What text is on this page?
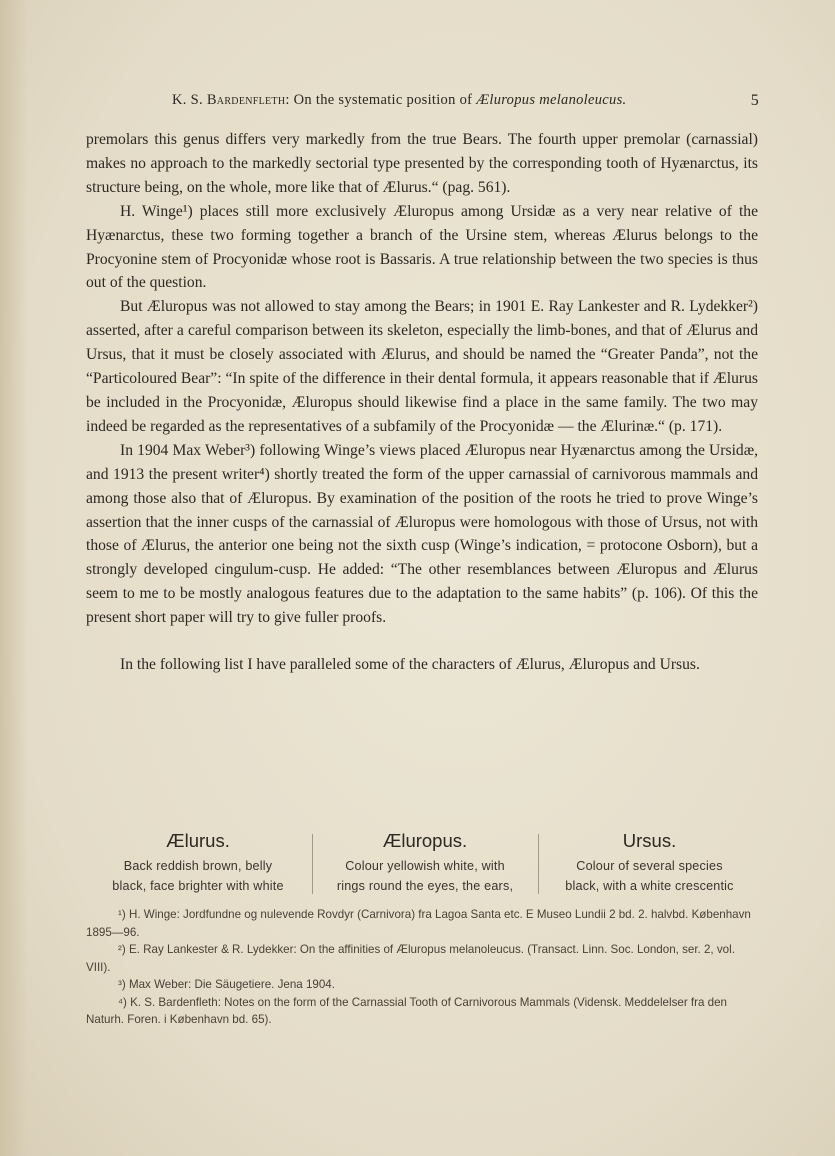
K. S. Bardenfleth: On the systematic position of Æluropus melanoleucus.	5

premolars this genus differs very markedly from the true Bears. The fourth upper premolar (carnassial) makes no approach to the markedly sectorial type presented by the corresponding tooth of Hyænarctus, its structure being, on the whole, more like that of Ælurus.“ (pag. 561).

H. Winge¹) places still more exclusively Æluropus among Ursidæ as a very near relative of the Hyænarctus, these two forming together a branch of the Ursine stem, whereas Ælurus belongs to the Procyonine stem of Procyonidæ whose root is Bassaris. A true relationship between the two species is thus out of the question.

But Æluropus was not allowed to stay among the Bears; in 1901 E. Ray Lankester and R. Lydekker²) asserted, after a careful comparison between its skeleton, especially the limb-bones, and that of Ælurus and Ursus, that it must be closely associated with Ælurus, and should be named the “Greater Panda”, not the “Particoloured Bear”: “In spite of the difference in their dental formula, it appears reasonable that if Ælurus be included in the Procyonidæ, Æluropus should likewise find a place in the same family. The two may indeed be regarded as the representatives of a subfamily of the Procyonidæ — the Ælurinæ.“ (p. 171).

In 1904 Max Weber³) following Winge’s views placed Æluropus near Hyænarctus among the Ursidæ, and 1913 the present writer⁴) shortly treated the form of the upper carnassial of carnivorous mammals and among those also that of Æluropus. By examination of the position of the roots he tried to prove Winge’s assertion that the inner cusps of the carnassial of Æluropus were homologous with those of Ursus, not with those of Ælurus, the anterior one being not the sixth cusp (Winge’s indication, = protocone Osborn), but a strongly developed cingulum-cusp. He added: “The other resemblances between Æluropus and Ælurus seem to me to be mostly analogous features due to the adaptation to the same habits” (p. 106). Of this the present short paper will try to give fuller proofs.

In the following list I have paralleled some of the characters of Ælurus, Æluropus and Ursus.

Ælurus.
Back reddish brown, belly
black, face brighter with white
Æluropus.
Colour yellowish white, with
rings round the eyes, the ears,
Ursus.
Colour of several species
black, with a white crescentic

¹) H. Winge: Jordfundne og nulevende Rovdyr (Carnivora) fra Lagoa Santa etc. E Museo Lundii 2 bd. 2. halvbd. København 1895—96.

²) E. Ray Lankester & R. Lydekker: On the affinities of Æluropus melanoleucus. (Transact. Linn. Soc. London, ser. 2, vol. VIII).

³) Max Weber: Die Säugetiere. Jena 1904.

⁴) K. S. Bardenfleth: Notes on the form of the Carnassial Tooth of Carnivorous Mammals (Vidensk. Meddelelser fra den Naturh. Foren. i København bd. 65).
